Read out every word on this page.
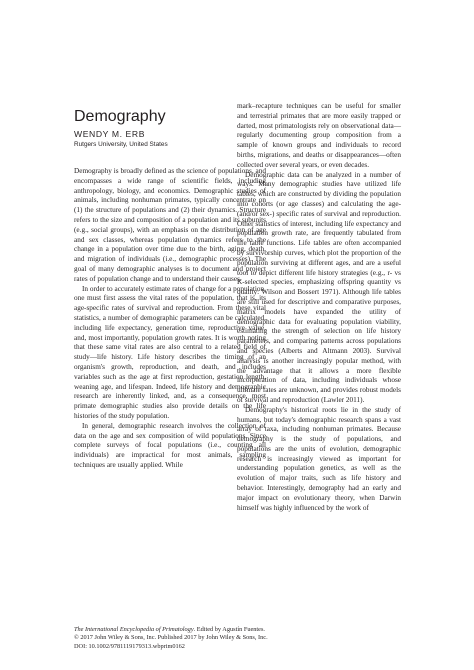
Demography
WENDY M. ERB
Rutgers University, United States

Demography is broadly defined as the science of populations, and encompasses a wide range of scientific fields, including anthropology, biology, and economics. Demographic studies of animals, including nonhuman primates, typically concentrate on (1) the structure of populations and (2) their dynamics. Structure refers to the size and composition of a population and its subunits (e.g., social groups), with an emphasis on the distribution of age and sex classes, whereas population dynamics refers to the change in a population over time due to the birth, aging, death, and migration of individuals (i.e., demographic processes). The goal of many demographic analyses is to document and project rates of population change and to understand their causes.

In order to accurately estimate rates of change for a population, one must first assess the vital rates of the population, that is, its age-specific rates of survival and reproduction. From these vital statistics, a number of demographic parameters can be calculated, including life expectancy, generation time, reproductive value, and, most importantly, population growth rates. It is worth noting that these same vital rates are also central to a related field of study—life history. Life history describes the timing of an organism's growth, reproduction, and death, and includes variables such as the age at first reproduction, gestation length, weaning age, and lifespan. Indeed, life history and demographic research are inherently linked, and, as a consequence, most primate demographic studies also provide details on the life histories of the study population.

In general, demographic research involves the collection of data on the age and sex composition of wild populations. Since complete surveys of focal populations (i.e., counting all individuals) are impractical for most animals, sampling techniques are usually applied. While

mark–recapture techniques can be useful for smaller and terrestrial primates that are more easily trapped or darted, most primatologists rely on observational data—regularly documenting group composition from a sample of known groups and individuals to record births, migrations, and deaths or disappearances—often collected over several years, or even decades.

Demographic data can be analyzed in a number of ways. Many demographic studies have utilized life tables, which are constructed by dividing the population into cohorts (or age classes) and calculating the age- (and/or sex-) specific rates of survival and reproduction. Other statistics of interest, including life expectancy and population growth rate, are frequently tabulated from life table functions. Life tables are often accompanied by survivorship curves, which plot the proportion of the population surviving at different ages, and are a useful tool to depict different life history strategies (e.g., r- vs K-selected species, emphasizing offspring quantity vs quality: Wilson and Bossert 1971). Although life tables are still used for descriptive and comparative purposes, matrix models have expanded the utility of demographic data for evaluating population viability, estimating the strength of selection on life history parameters, and comparing patterns across populations and species (Alberts and Altmann 2003). Survival analysis is another increasingly popular method, with the advantage that it allows a more flexible incorporation of data, including individuals whose ultimate fates are unknown, and provides robust models of survival and reproduction (Lawler 2011).

Demography's historical roots lie in the study of humans, but today's demographic research spans a vast array of taxa, including nonhuman primates. Because demography is the study of populations, and populations are the units of evolution, demographic research is increasingly viewed as important for understanding population genetics, as well as the evolution of major traits, such as life history and behavior. Interestingly, demography had an early and major impact on evolutionary theory, when Darwin himself was highly influenced by the work of

The International Encyclopedia of Primatology. Edited by Agustín Fuentes.
© 2017 John Wiley & Sons, Inc. Published 2017 by John Wiley & Sons, Inc.
DOI: 10.1002/9781119179313.wbprim0162
